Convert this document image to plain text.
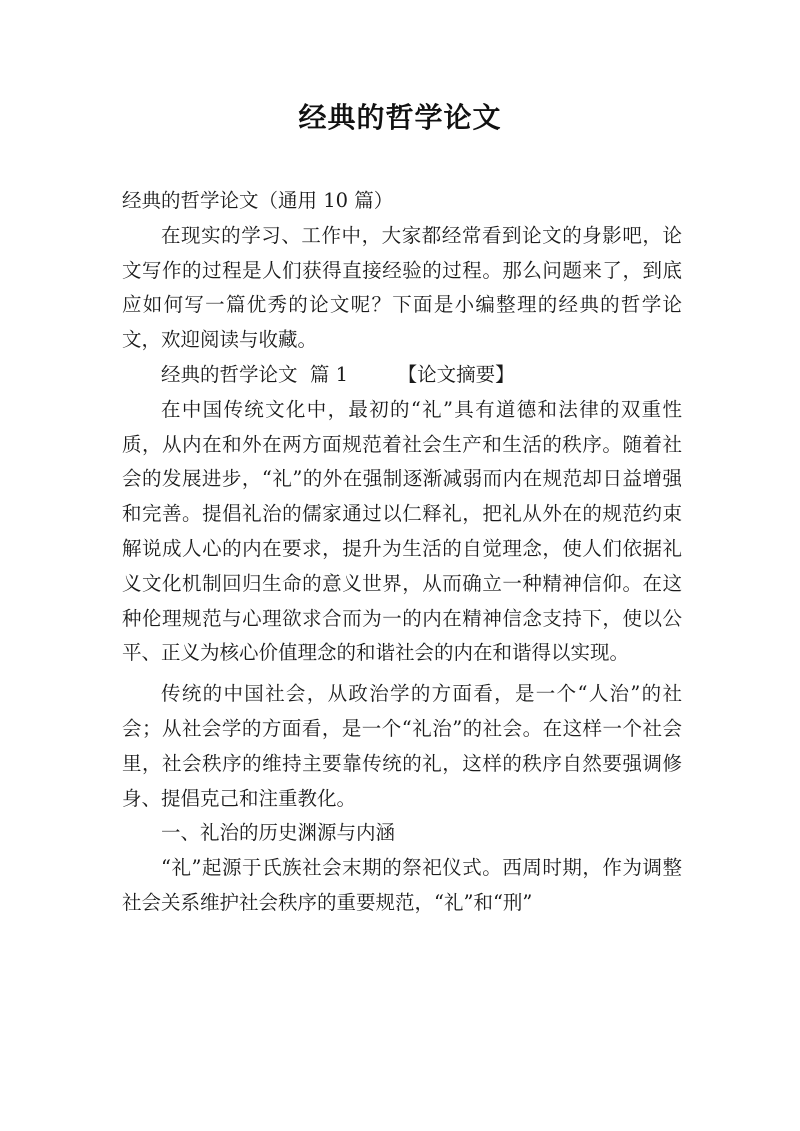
经典的哲学论文

经典的哲学论文（通用 10 篇）

在现实的学习、工作中，大家都经常看到论文的身影吧，论文写作的过程是人们获得直接经验的过程。那么问题来了，到底应如何写一篇优秀的论文呢？下面是小编整理的经典的哲学论文，欢迎阅读与收藏。

经典的哲学论文  篇 1        【论文摘要】

在中国传统文化中，最初的“礼”具有道德和法律的双重性质，从内在和外在两方面规范着社会生产和生活的秩序。随着社会的发展进步，“礼”的外在强制逐渐减弱而内在规范却日益增强和完善。提倡礼治的儒家通过以仁释礼，把礼从外在的规范约束解说成人心的内在要求，提升为生活的自觉理念，使人们依据礼义文化机制回归生命的意义世界，从而确立一种精神信仰。在这种伦理规范与心理欲求合而为一的内在精神信念支持下，使以公平、正义为核心价值理念的和谐社会的内在和谐得以实现。

传统的中国社会，从政治学的方面看，是一个“人治”的社会；从社会学的方面看，是一个“礼治”的社会。在这样一个社会里，社会秩序的维持主要靠传统的礼，这样的秩序自然要强调修身、提倡克己和注重教化。

一、礼治的历史渊源与内涵

“礼”起源于氏族社会末期的祭祀仪式。西周时期，作为调整社会关系维护社会秩序的重要规范，“礼”和“刑”
